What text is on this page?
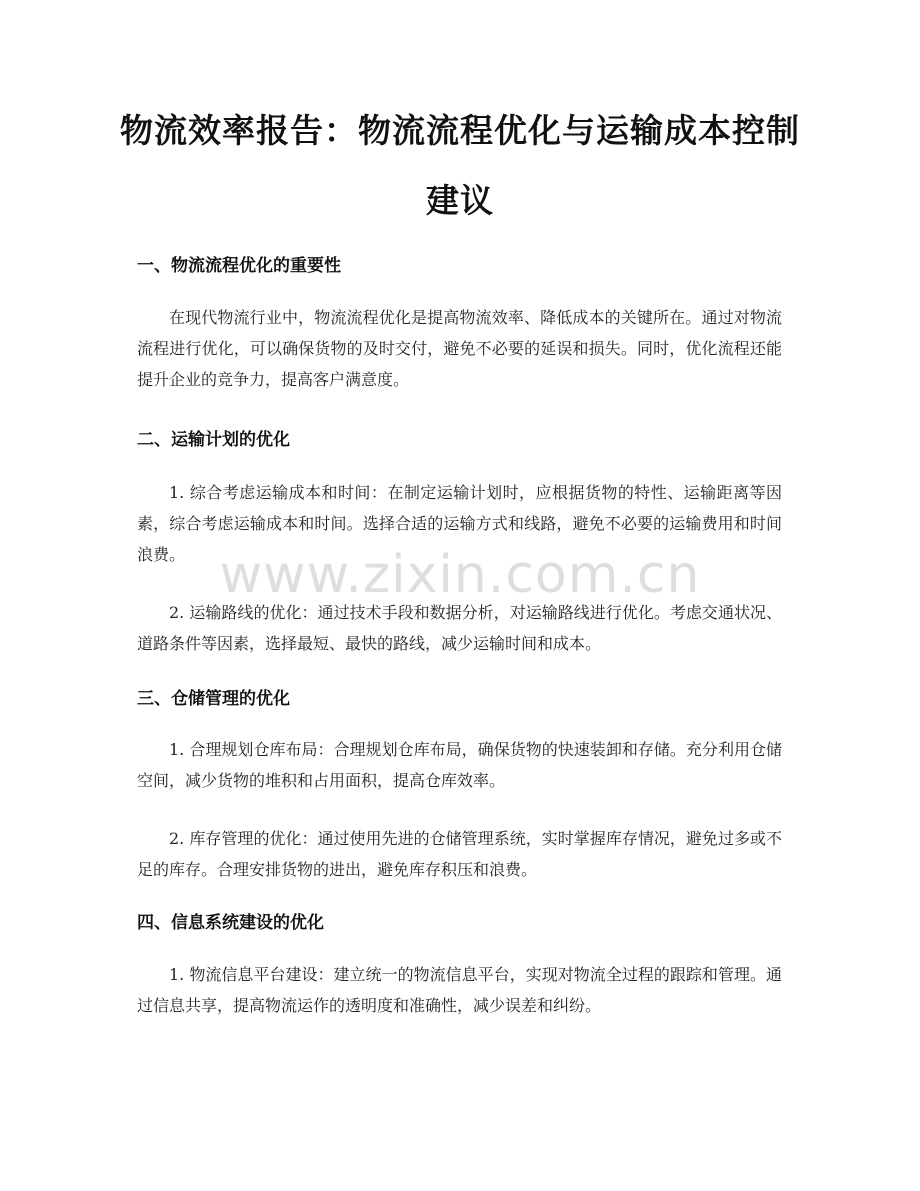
物流效率报告：物流流程优化与运输成本控制建议
一、物流流程优化的重要性

在现代物流行业中，物流流程优化是提高物流效率、降低成本的关键所在。通过对物流流程进行优化，可以确保货物的及时交付，避免不必要的延误和损失。同时，优化流程还能提升企业的竞争力，提高客户满意度。

二、运输计划的优化

1. 综合考虑运输成本和时间：在制定运输计划时，应根据货物的特性、运输距离等因素，综合考虑运输成本和时间。选择合适的运输方式和线路，避免不必要的运输费用和时间浪费。

2. 运输路线的优化：通过技术手段和数据分析，对运输路线进行优化。考虑交通状况、道路条件等因素，选择最短、最快的路线，减少运输时间和成本。

三、仓储管理的优化

1. 合理规划仓库布局：合理规划仓库布局，确保货物的快速装卸和存储。充分利用仓储空间，减少货物的堆积和占用面积，提高仓库效率。

2. 库存管理的优化：通过使用先进的仓储管理系统，实时掌握库存情况，避免过多或不足的库存。合理安排货物的进出，避免库存积压和浪费。

四、信息系统建设的优化

1. 物流信息平台建设：建立统一的物流信息平台，实现对物流全过程的跟踪和管理。通过信息共享，提高物流运作的透明度和准确性，减少误差和纠纷。

www.zixin.com.cn
